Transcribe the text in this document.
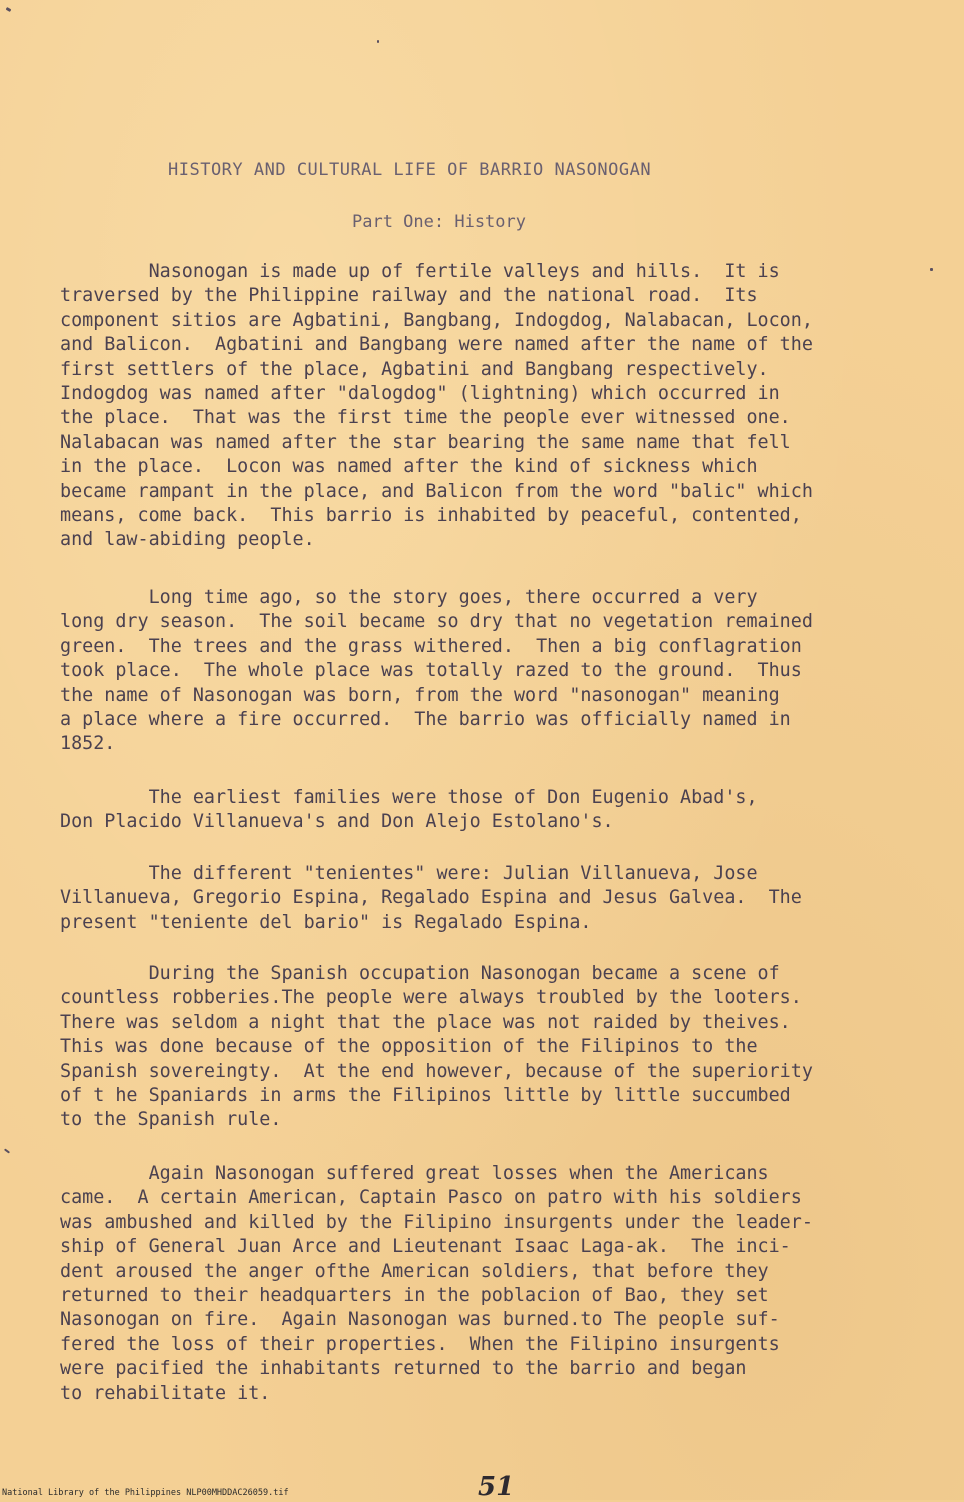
HISTORY AND CULTURAL LIFE OF BARRIO NASONOGAN
Part One: History
Nasonogan is made up of fertile valleys and hills.  It is
traversed by the Philippine railway and the national road.  Its
component sitios are Agbatini, Bangbang, Indogdog, Nalabacan, Locon,
and Balicon.  Agbatini and Bangbang were named after the name of the
first settlers of the place, Agbatini and Bangbang respectively.
Indogdog was named after "dalogdog" (lightning) which occurred in
the place.  That was the first time the people ever witnessed one.
Nalabacan was named after the star bearing the same name that fell
in the place.  Locon was named after the kind of sickness which
became rampant in the place, and Balicon from the word "balic" which
means, come back.  This barrio is inhabited by peaceful, contented,
and law-abiding people.
Long time ago, so the story goes, there occurred a very
long dry season.  The soil became so dry that no vegetation remained
green.  The trees and the grass withered.  Then a big conflagration
took place.  The whole place was totally razed to the ground.  Thus
the name of Nasonogan was born, from the word "nasonogan" meaning
a place where a fire occurred.  The barrio was officially named in
1852.
The earliest families were those of Don Eugenio Abad's,
Don Placido Villanueva's and Don Alejo Estolano's.
The different "tenientes" were: Julian Villanueva, Jose
Villanueva, Gregorio Espina, Regalado Espina and Jesus Galvea.  The
present "teniente del bario" is Regalado Espina.
During the Spanish occupation Nasonogan became a scene of
countless robberies.The people were always troubled by the looters.
There was seldom a night that the place was not raided by theives.
This was done because of the opposition of the Filipinos to the
Spanish sovereingty.  At the end however, because of the superiority
of t he Spaniards in arms the Filipinos little by little succumbed
to the Spanish rule.
Again Nasonogan suffered great losses when the Americans
came.  A certain American, Captain Pasco on patro with his soldiers
was ambushed and killed by the Filipino insurgents under the leader-
ship of General Juan Arce and Lieutenant Isaac Laga-ak.  The inci-
dent aroused the anger ofthe American soldiers, that before they
returned to their headquarters in the poblacion of Bao, they set
Nasonogan on fire.  Again Nasonogan was burned.to The people suf-
fered the loss of their properties.  When the Filipino insurgents
were pacified the inhabitants returned to the barrio and began
to rehabilitate it.
National Library of the Philippines NLP00MHDDAC26059.tif	51
